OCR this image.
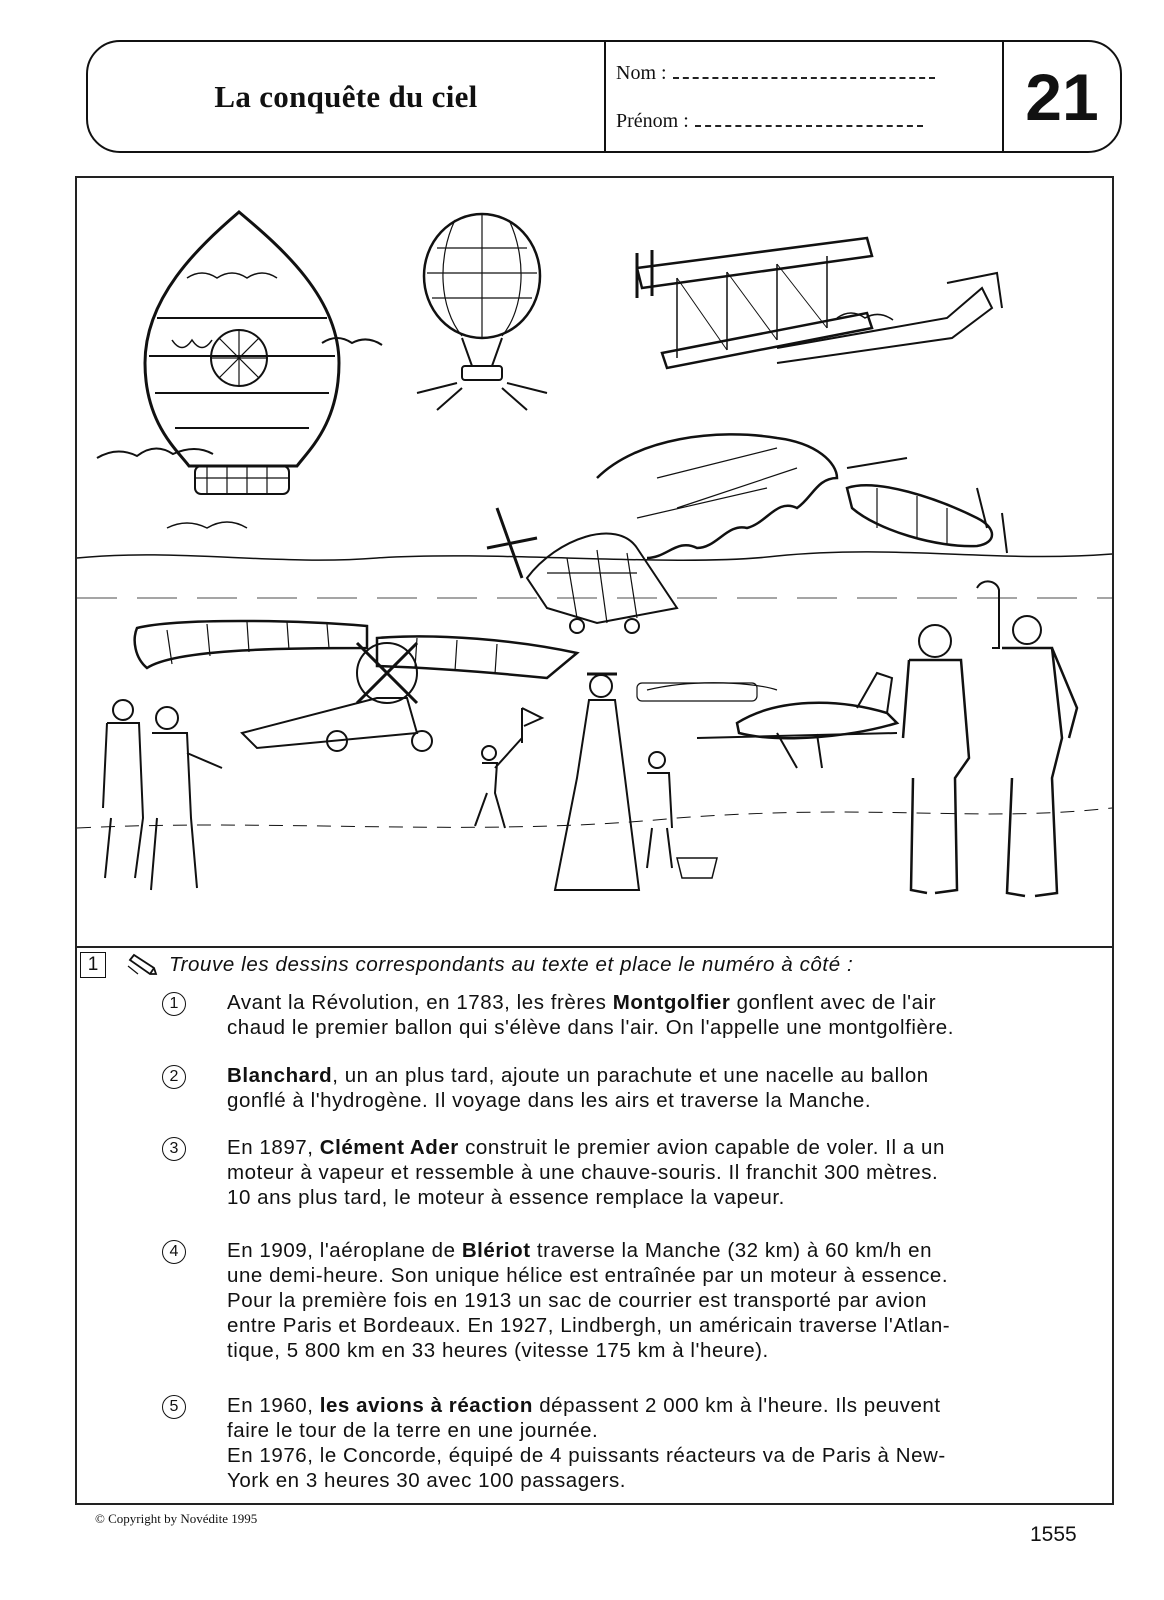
La conquête du ciel
Nom :
Prénom :	21
1	Trouve les dessins correspondants au texte et place le numéro à côté :
1	Avant la Révolution, en 1783, les frères Montgolfier gonflent avec de l'air
chaud le premier ballon qui s'élève dans l'air. On l'appelle une montgolfière.
2	Blanchard, un an plus tard, ajoute un parachute et une nacelle au ballon
gonflé à l'hydrogène. Il voyage dans les airs et traverse la Manche.
3	En 1897, Clément Ader construit le premier avion capable de voler. Il a un
moteur à vapeur et ressemble à une chauve-souris. Il franchit 300 mètres.
10 ans plus tard, le moteur à essence remplace la vapeur.
4	En 1909, l'aéroplane de Blériot traverse la Manche (32 km) à 60 km/h en
une demi-heure. Son unique hélice est entraînée par un moteur à essence.
Pour la première fois en 1913 un sac de courrier est transporté par avion
entre Paris et Bordeaux. En 1927, Lindbergh, un américain traverse l'Atlan-
tique, 5 800 km en 33 heures (vitesse 175 km à l'heure).
5	En 1960, les avions à réaction dépassent 2 000 km à l'heure. Ils peuvent
faire le tour de la terre en une journée.
En 1976, le Concorde, équipé de 4 puissants réacteurs va de Paris à New-
York en 3 heures 30 avec 100 passagers.
© Copyright by Novédite 1995
1555
